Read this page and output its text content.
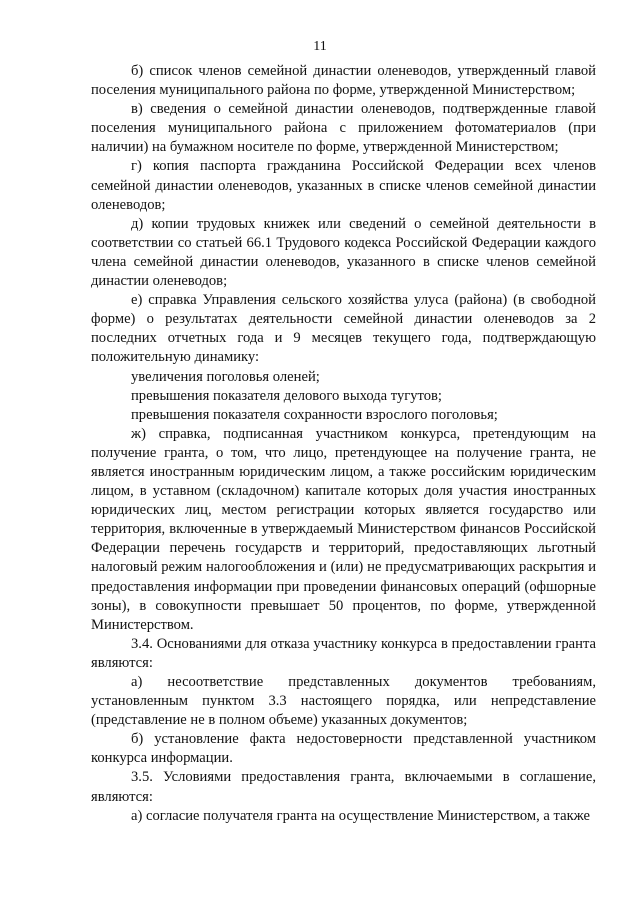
11

б) список членов семейной династии оленеводов, утвержденный главой поселения муниципального района по форме, утвержденной Министерством;

в) сведения о семейной династии оленеводов, подтвержденные главой поселения муниципального района с приложением фотоматериалов (при наличии) на бумажном носителе по форме, утвержденной Министерством;

г) копия паспорта гражданина Российской Федерации всех членов семейной династии оленеводов, указанных в списке членов семейной династии оленеводов;

д) копии трудовых книжек или сведений о семейной деятельности в соответствии со статьей 66.1 Трудового кодекса Российской Федерации каждого члена семейной династии оленеводов, указанного в списке членов семейной династии оленеводов;

е) справка Управления сельского хозяйства улуса (района) (в свободной форме) о результатах деятельности семейной династии оленеводов за 2 последних отчетных года и 9 месяцев текущего года, подтверждающую положительную динамику:

увеличения поголовья оленей;

превышения показателя делового выхода тугутов;

превышения показателя сохранности взрослого поголовья;

ж) справка, подписанная участником конкурса, претендующим на получение гранта, о том, что лицо, претендующее на получение гранта, не является иностранным юридическим лицом, а также российским юридическим лицом, в уставном (складочном) капитале которых доля участия иностранных юридических лиц, местом регистрации которых является государство или территория, включенные в утверждаемый Министерством финансов Российской Федерации перечень государств и территорий, предоставляющих льготный налоговый режим налогообложения и (или) не предусматривающих раскрытия и предоставления информации при проведении финансовых операций (офшорные зоны), в совокупности превышает 50 процентов, по форме, утвержденной Министерством.

3.4. Основаниями для отказа участнику конкурса в предоставлении гранта являются:

а) несоответствие представленных документов требованиям, установленным пунктом 3.3 настоящего порядка, или непредставление (представление не в полном объеме) указанных документов;

б) установление факта недостоверности представленной участником конкурса информации.

3.5. Условиями предоставления гранта, включаемыми в соглашение, являются:

а) согласие получателя гранта на осуществление Министерством, а также
